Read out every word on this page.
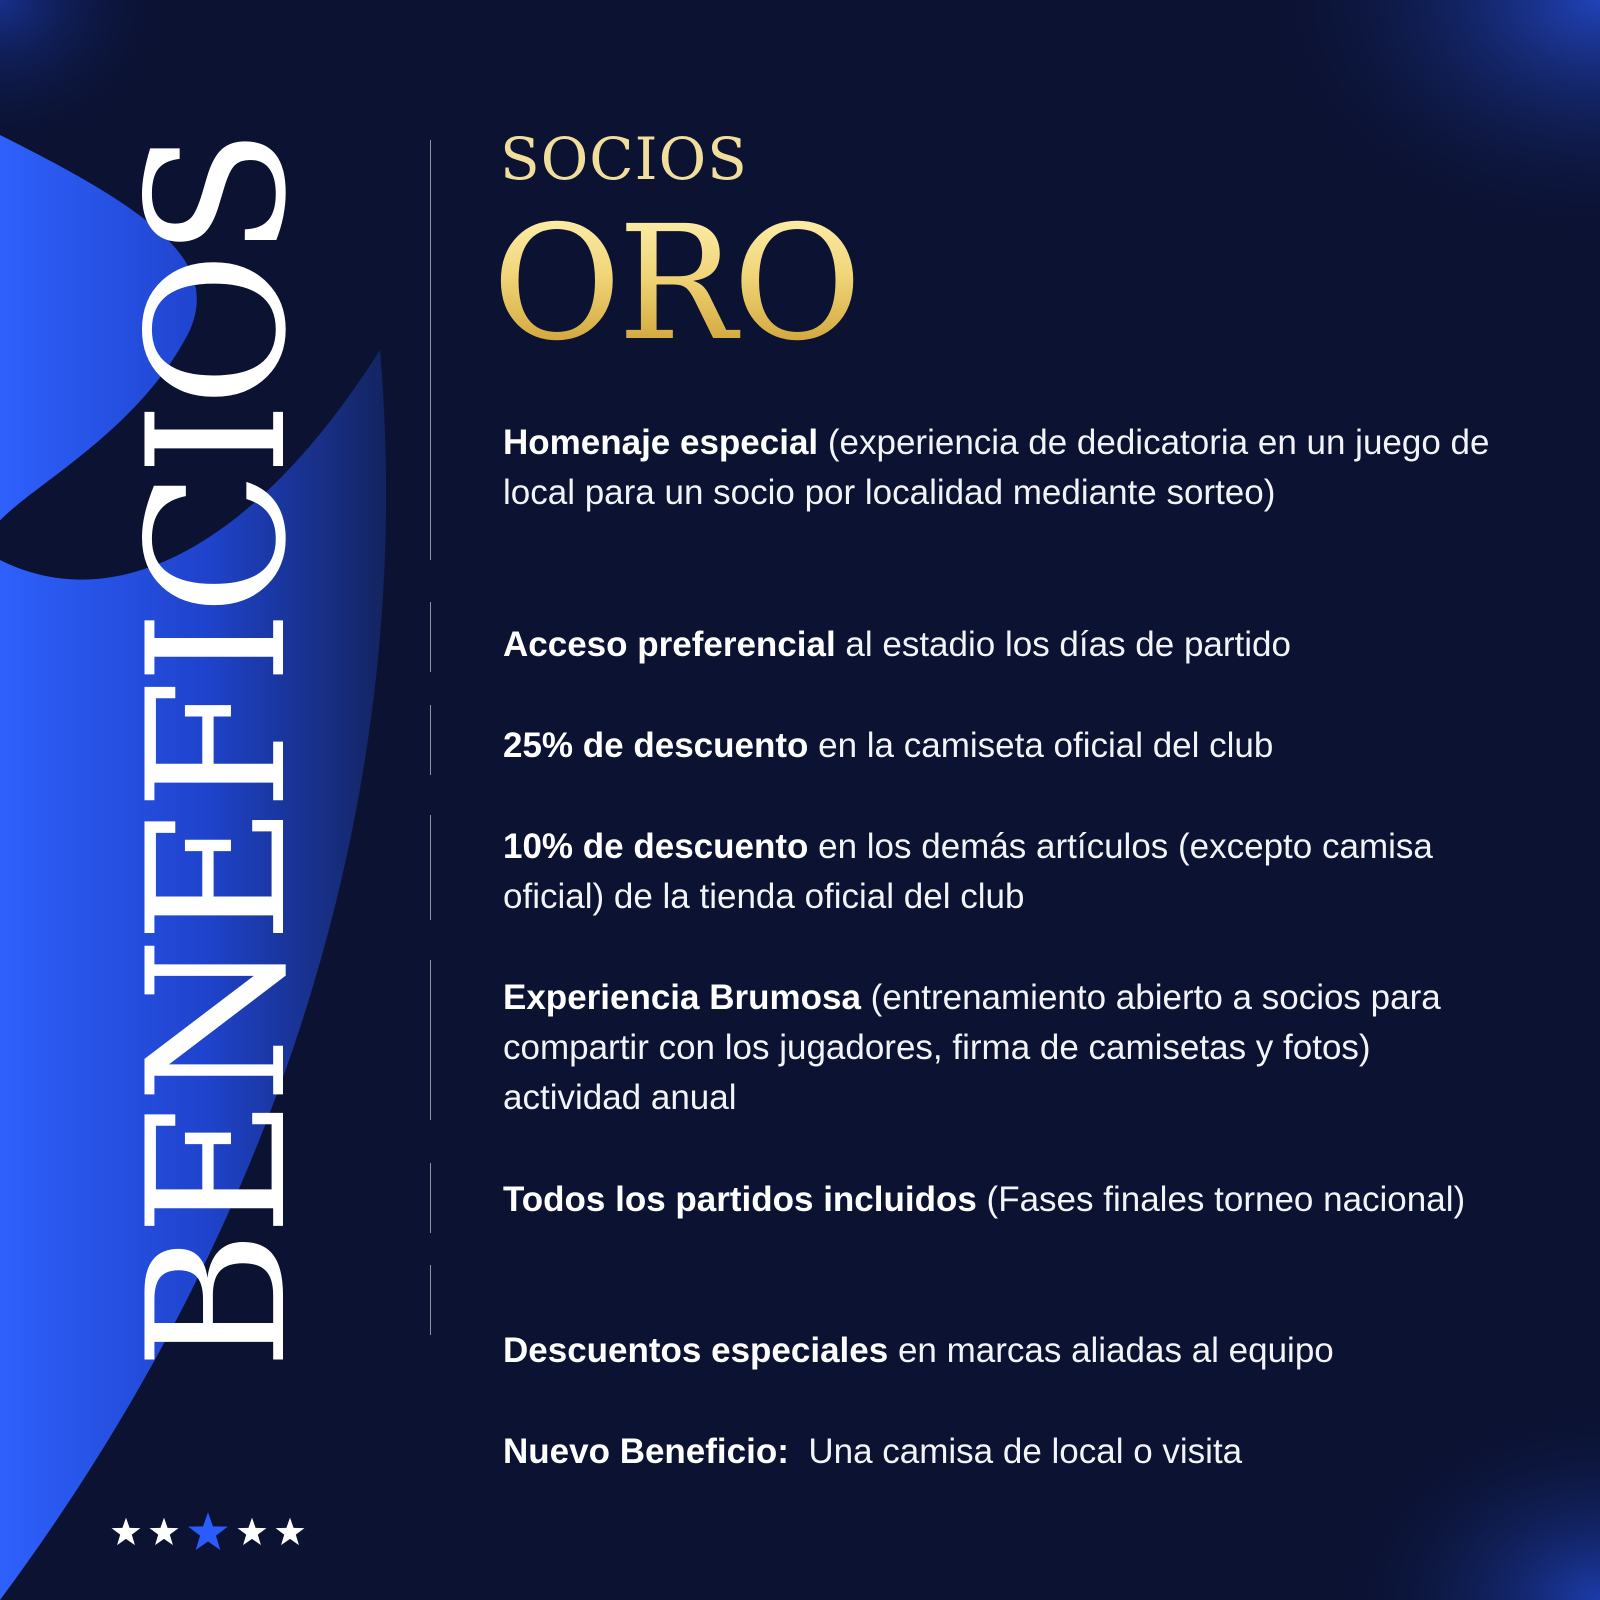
BENEFICIOS	SOCIOS
ORO
Homenaje especial (experiencia de dedicatoria en un juego de local para un socio por localidad mediante sorteo)
Acceso preferencial al estadio los días de partido
25% de descuento en la camiseta oficial del club
10% de descuento en los demás artículos (excepto camisa oficial) de la tienda oficial del club
Experiencia Brumosa (entrenamiento abierto a socios para compartir con los jugadores, firma de camisetas y fotos) actividad anual
Todos los partidos incluidos (Fases finales torneo nacional)
Descuentos especiales en marcas aliadas al equipo
Nuevo Beneficio:  Una camisa de local o visita
